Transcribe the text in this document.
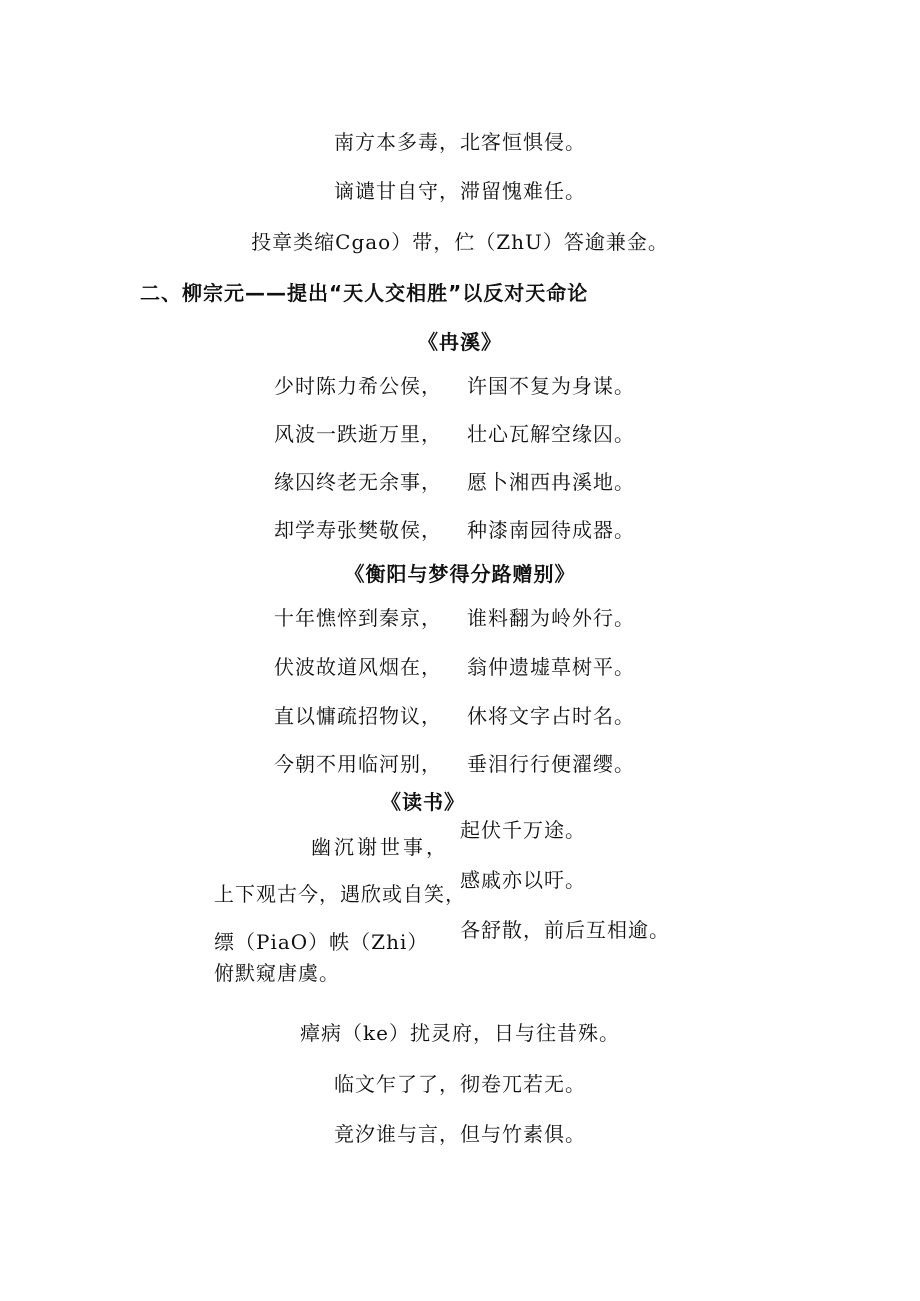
南方本多毒，北客恒惧侵。
谪谴甘自守，滞留愧难任。
投章类缩Cgao）带，伫（ZhU）答逾兼金。
二、柳宗元——提出“天人交相胜”以反对天命论
《冉溪》
少时陈力希公侯， 许国不复为身谋。
风波一跌逝万里， 壮心瓦解空缘囚。
缘囚终老无余事， 愿卜湘西冉溪地。
却学寿张樊敬侯， 种漆南园待成器。
《衡阳与梦得分路赠别》
十年憔悴到秦京， 谁料翻为岭外行。
伏波故道风烟在， 翁仲遗墟草树平。
直以慵疏招物议， 休将文字占时名。
今朝不用临河别， 垂泪行行便濯缨。
《读书》
起伏千万途。
幽沉谢世事，
感戚亦以吁。
上下观古今，遇欣或自笑，
各舒散，前后互相逾。
缥（PiaO）帙（Zhi）
俯默窥唐虞。
瘴病（ke）扰灵府，日与往昔殊。
临文乍了了，彻卷兀若无。
竟汐谁与言，但与竹素俱。
